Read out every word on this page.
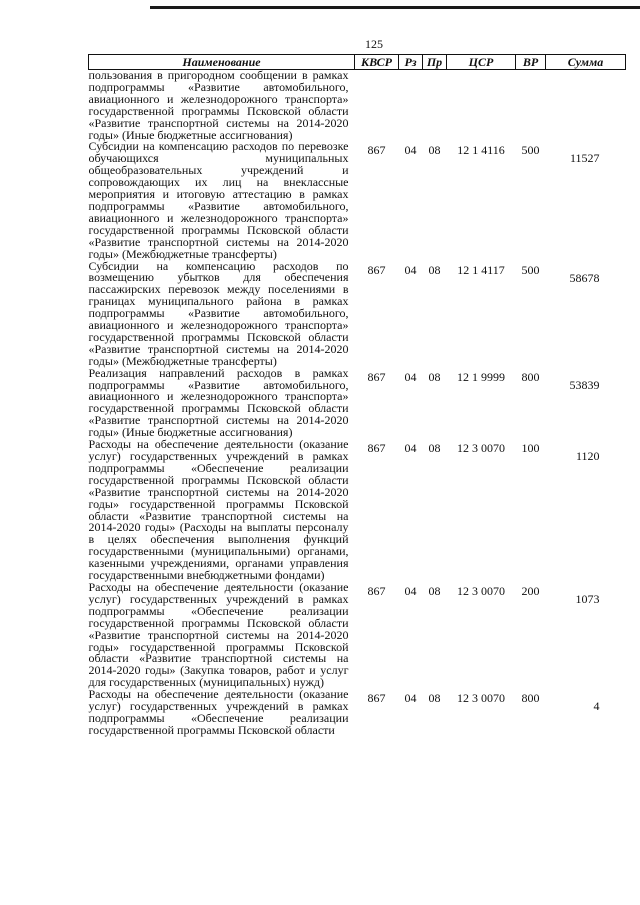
125
Наименование	КВСР	Рз	Пр	ЦСР	ВР	Сумма
пользования в пригородном сообщении в рамках подпрограммы «Развитие автомобильного, авиационного и железнодорожного транспорта» государственной программы Псковской области «Развитие транспортной системы на 2014-2020 годы» (Иные бюджетные ассигнования)						
Субсидии на компенсацию расходов по перевозке обучающихся муниципальных общеобразовательных учреждений и сопровождающих их лиц на внеклассные мероприятия и итоговую аттестацию в рамках подпрограммы «Развитие автомобильного, авиационного и железнодорожного транспорта» государственной программы Псковской области «Развитие транспортной системы на 2014-2020 годы» (Межбюджетные трансферты)	867	04	08	12 1 4116	500	11527
Субсидии на компенсацию расходов по возмещению убытков для обеспечения пассажирских перевозок между поселениями в границах муниципального района в рамках подпрограммы «Развитие автомобильного, авиационного и железнодорожного транспорта» государственной программы Псковской области «Развитие транспортной системы на 2014-2020 годы» (Межбюджетные трансферты)	867	04	08	12 1 4117	500	58678
Реализация направлений расходов в рамках подпрограммы «Развитие автомобильного, авиационного и железнодорожного транспорта» государственной программы Псковской области «Развитие транспортной системы на 2014-2020 годы» (Иные бюджетные ассигнования)	867	04	08	12 1 9999	800	53839
Расходы на обеспечение деятельности (оказание услуг) государственных учреждений в рамках подпрограммы «Обеспечение реализации государственной программы Псковской области «Развитие транспортной системы на 2014-2020 годы» государственной программы Псковской области «Развитие транспортной системы на 2014-2020 годы» (Расходы на выплаты персоналу в целях обеспечения выполнения функций государственными (муниципальными) органами, казенными учреждениями, органами управления государственными внебюджетными фондами)	867	04	08	12 3 0070	100	1120
Расходы на обеспечение деятельности (оказание услуг) государственных учреждений в рамках подпрограммы «Обеспечение реализации государственной программы Псковской области «Развитие транспортной системы на 2014-2020 годы» государственной программы Псковской области «Развитие транспортной системы на 2014-2020 годы» (Закупка товаров, работ и услуг для государственных (муниципальных) нужд)	867	04	08	12 3 0070	200	1073
Расходы на обеспечение деятельности (оказание услуг) государственных учреждений в рамках подпрограммы «Обеспечение реализации государственной программы Псковской области	867	04	08	12 3 0070	800	4
